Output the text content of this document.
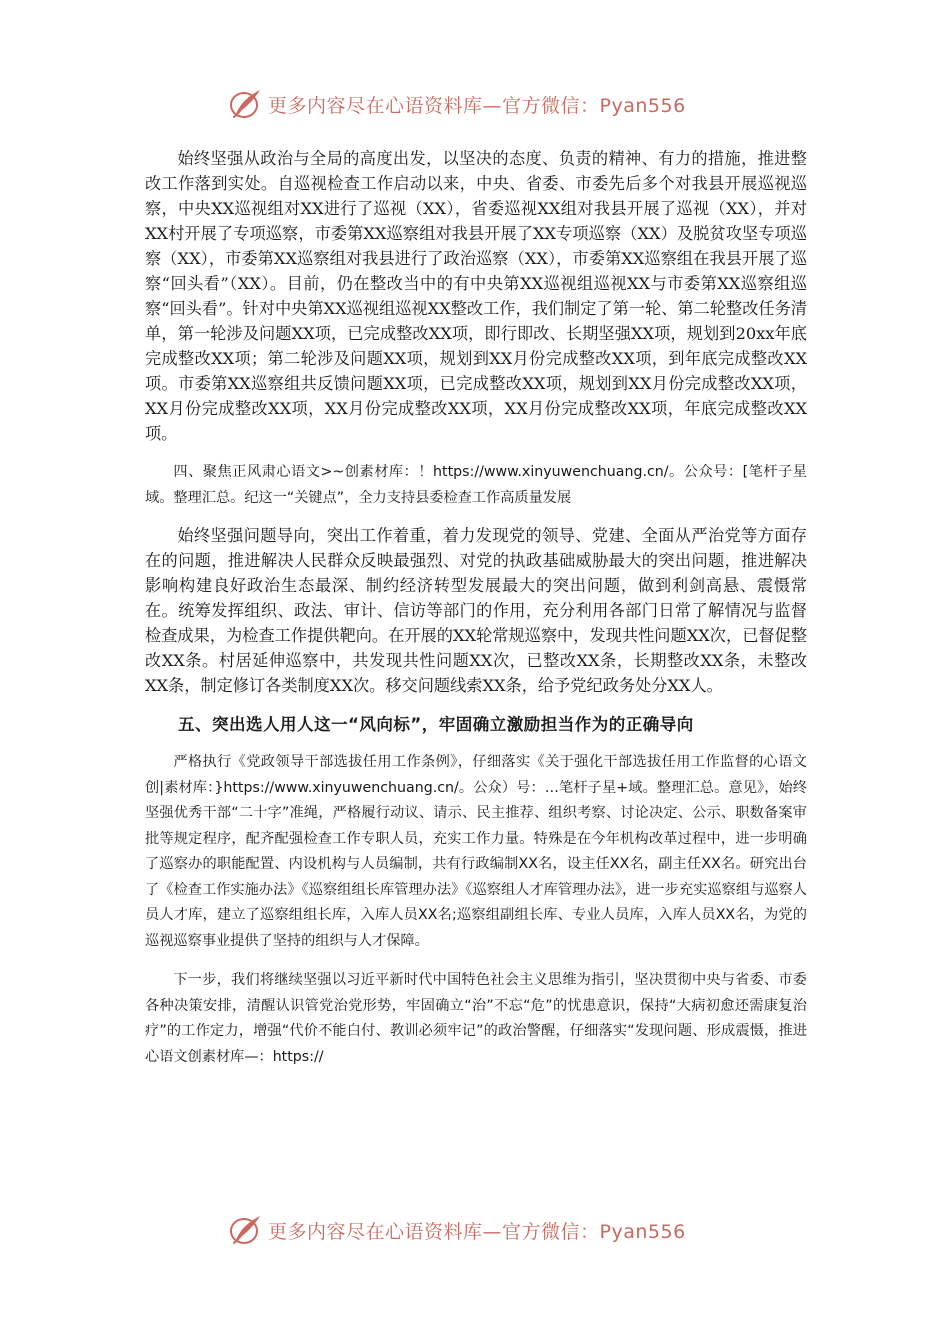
更多内容尽在心语资料库—官方微信：Pyan556

始终坚强从政治与全局的高度出发，以坚决的态度、负责的精神、有力的措施，推进整改工作落到实处。自巡视检查工作启动以来，中央、省委、市委先后多个对我县开展巡视巡察，中央XX巡视组对XX进行了巡视（XX），省委巡视XX组对我县开展了巡视（XX），并对XX村开展了专项巡察，市委第XX巡察组对我县开展了XX专项巡察（XX）及脱贫攻坚专项巡察（XX），市委第XX巡察组对我县进行了政治巡察（XX），市委第XX巡察组在我县开展了巡察“回头看”（XX）。目前，仍在整改当中的有中央第XX巡视组巡视XX与市委第XX巡察组巡察“回头看”。针对中央第XX巡视组巡视XX整改工作，我们制定了第一轮、第二轮整改任务清单，第一轮涉及问题XX项，已完成整改XX项，即行即改、长期坚强XX项，规划到20xx年底完成整改XX项；第二轮涉及问题XX项，规划到XX月份完成整改XX项，到年底完成整改XX项。市委第XX巡察组共反馈问题XX项，已完成整改XX项，规划到XX月份完成整改XX项，XX月份完成整改XX项，XX月份完成整改XX项，XX月份完成整改XX项，年底完成整改XX项。

四、聚焦正风肃心语文>~创素材库：！https://www.xinyuwenchuang.cn/。公众号：[笔杆子星域。整理汇总。纪这一“关键点”，全力支持县委检查工作高质量发展

始终坚强问题导向，突出工作着重，着力发现党的领导、党建、全面从严治党等方面存在的问题，推进解决人民群众反映最强烈、对党的执政基础威胁最大的突出问题，推进解决影响构建良好政治生态最深、制约经济转型发展最大的突出问题，做到利剑高悬、震慑常在。统筹发挥组织、政法、审计、信访等部门的作用，充分利用各部门日常了解情况与监督检查成果，为检查工作提供靶向。在开展的XX轮常规巡察中，发现共性问题XX次，已督促整改XX条。村居延伸巡察中，共发现共性问题XX次，已整改XX条，长期整改XX条，未整改XX条，制定修订各类制度XX次。移交问题线索XX条，给予党纪政务处分XX人。

五、突出选人用人这一“风向标”，牢固确立激励担当作为的正确导向

严格执行《党政领导干部选拔任用工作条例》，仔细落实《关于强化干部选拔任用工作监督的心语文创|素材库：}https://www.xinyuwenchuang.cn/。公众）号：…笔杆子星+域。整理汇总。意见》，始终坚强优秀干部“二十字”准绳，严格履行动议、请示、民主推荐、组织考察、讨论决定、公示、职数备案审批等规定程序，配齐配强检查工作专职人员，充实工作力量。特殊是在今年机构改革过程中，进一步明确了巡察办的职能配置、内设机构与人员编制，共有行政编制XX名，设主任XX名，副主任XX名。研究出台了《检查工作实施办法》《巡察组组长库管理办法》《巡察组人才库管理办法》，进一步充实巡察组与巡察人员人才库，建立了巡察组组长库，入库人员XX名;巡察组副组长库、专业人员库，入库人员XX名，为党的巡视巡察事业提供了坚持的组织与人才保障。

下一步，我们将继续坚强以习近平新时代中国特色社会主义思维为指引，坚决贯彻中央与省委、市委各种决策安排，清醒认识管党治党形势，牢固确立“治”不忘“危”的忧患意识，保持“大病初愈还需康复治疗”的工作定力，增强“代价不能白付、教训必须牢记”的政治警醒，仔细落实“发现问题、形成震慑，推进心语文创素材库—：https://

更多内容尽在心语资料库—官方微信：Pyan556
